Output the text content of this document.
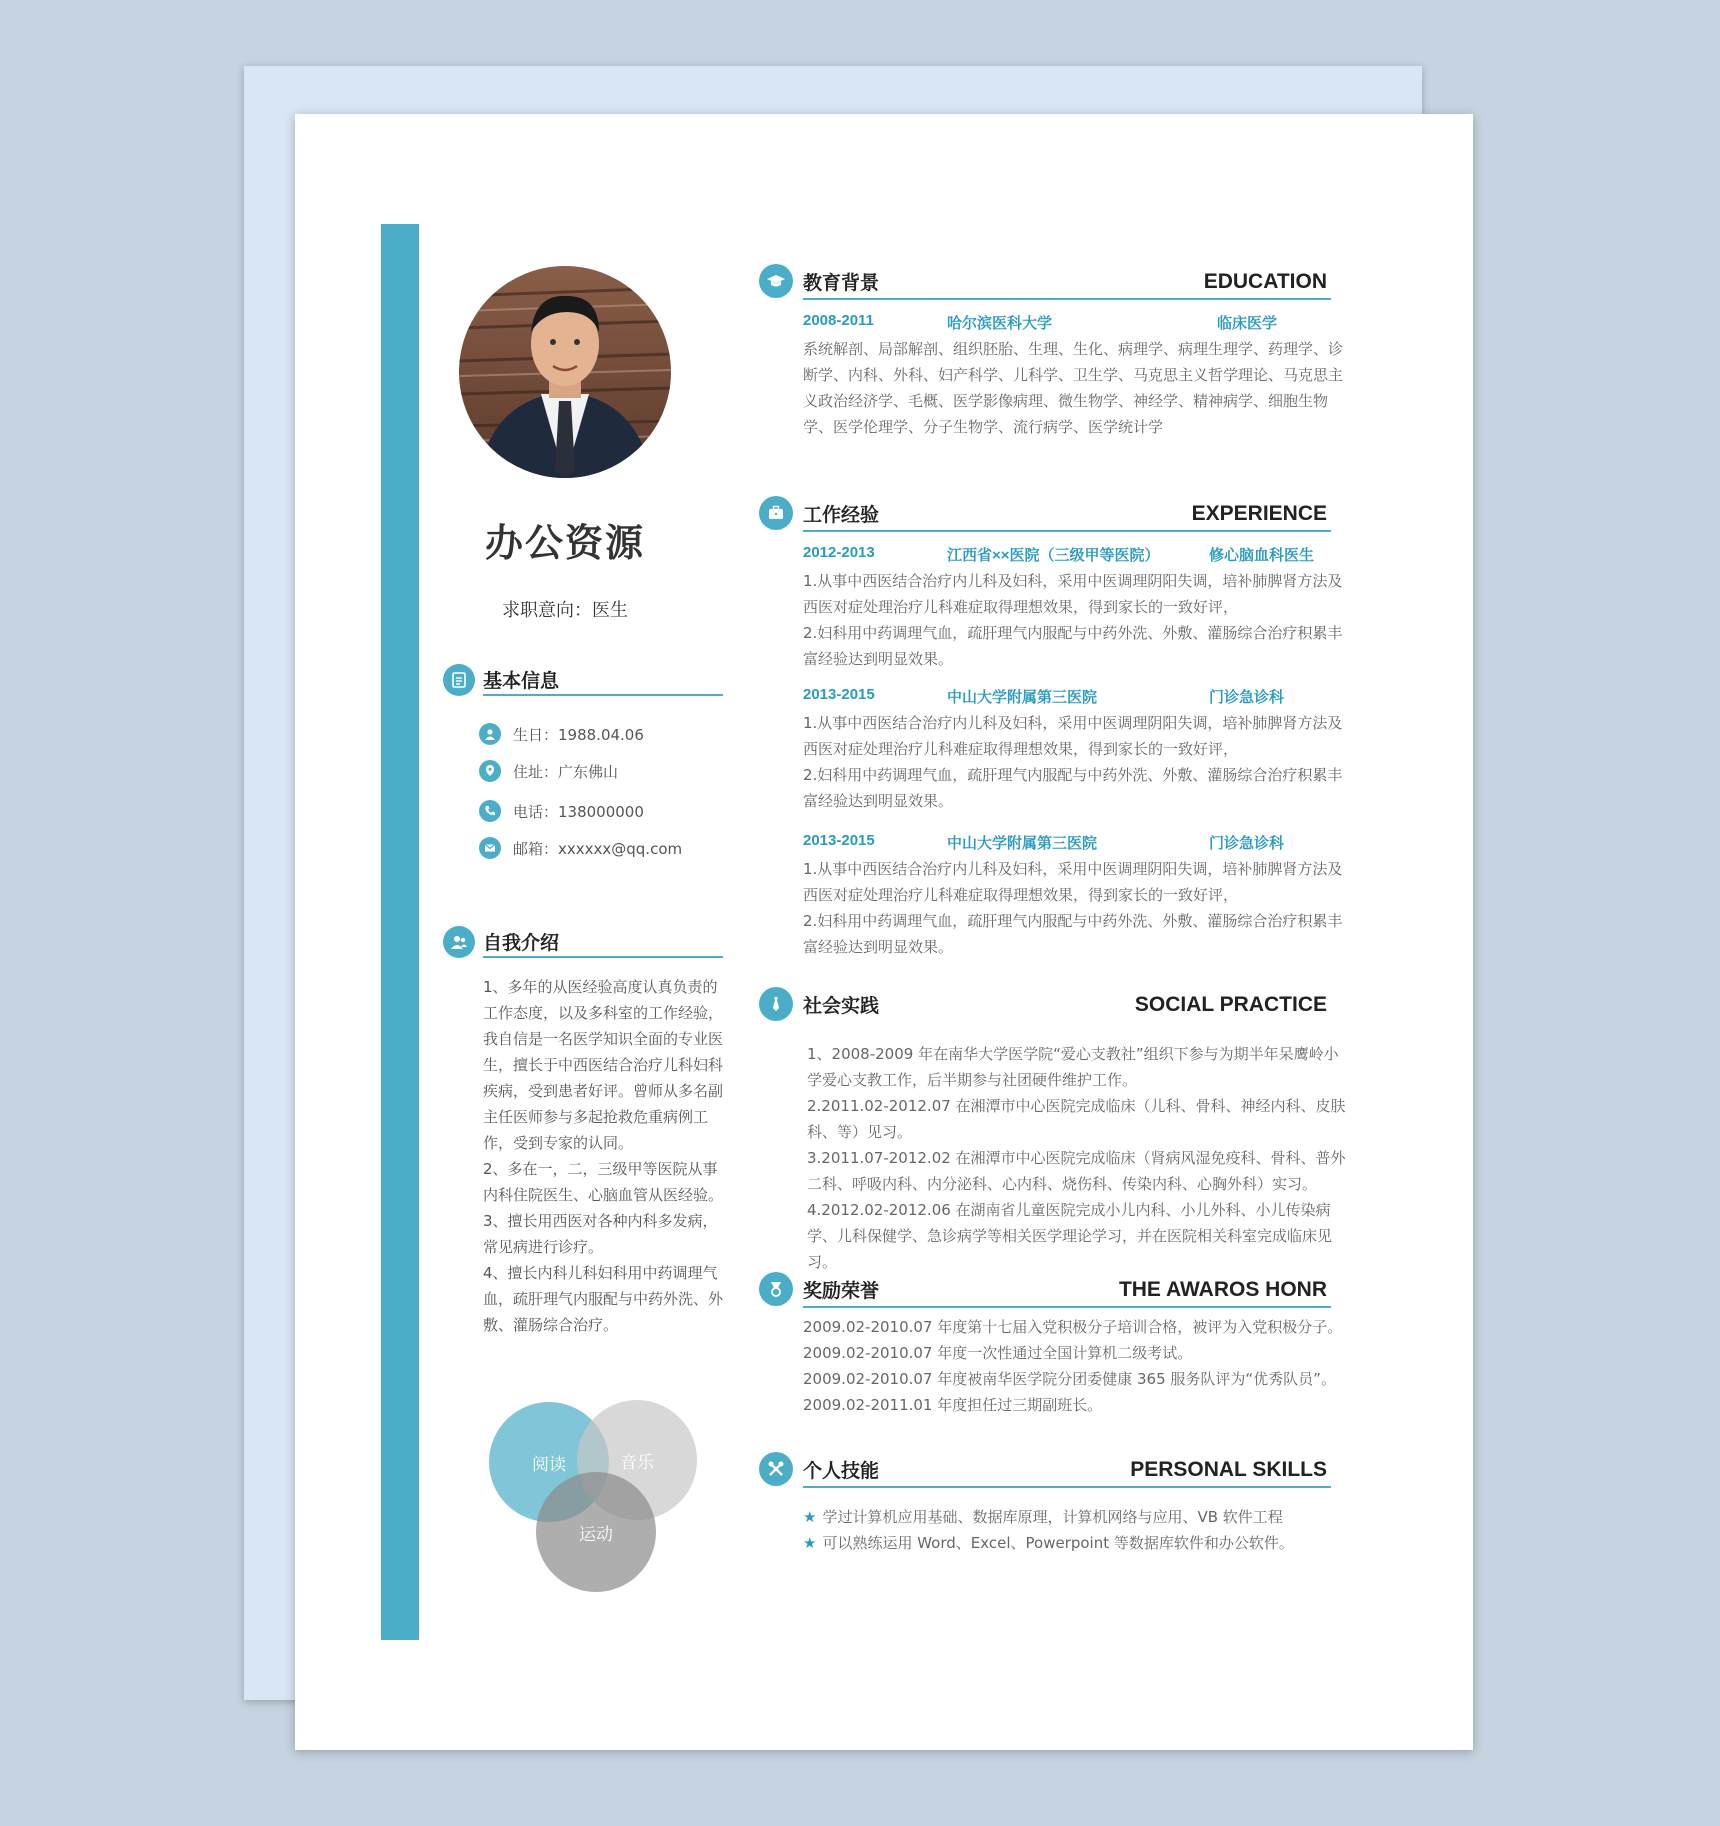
办公资源
求职意向：医生
基本信息
生日：1988.04.06
住址：广东佛山
电话：138000000
邮箱：xxxxxx@qq.com
自我介绍

1、多年的从医经验高度认真负责的工作态度，以及多科室的工作经验，我自信是一名医学知识全面的专业医生，擅长于中西医结合治疗儿科妇科疾病，受到患者好评。曾师从多名副主任医师参与多起抢救危重病例工作，受到专家的认同。

2、多在一，二，三级甲等医院从事内科住院医生、心脑血管从医经验。

3、擅长用西医对各种内科多发病，常见病进行诊疗。

4、擅长内科儿科妇科用中药调理气血，疏肝理气内服配与中药外洗、外敷、灌肠综合治疗。

阅读	音乐
运动
教育背景	EDUCATION
2008-2011	哈尔滨医科大学	临床医学
系统解剖、局部解剖、组织胚胎、生理、生化、病理学、病理生理学、药理学、诊断学、内科、外科、妇产科学、儿科学、卫生学、马克思主义哲学理论、马克思主义政治经济学、毛概、医学影像病理、微生物学、神经学、精神病学、细胞生物学、医学伦理学、分子生物学、流行病学、医学统计学
工作经验	EXPERIENCE
2012-2013	江西省××医院（三级甲等医院）	修心脑血科医生

1.从事中西医结合治疗内儿科及妇科，采用中医调理阴阳失调，培补肺脾肾方法及西医对症处理治疗儿科难症取得理想效果，得到家长的一致好评，

2.妇科用中药调理气血，疏肝理气内服配与中药外洗、外敷、灌肠综合治疗积累丰富经验达到明显效果。

2013-2015	中山大学附属第三医院	门诊急诊科

1.从事中西医结合治疗内儿科及妇科，采用中医调理阴阳失调，培补肺脾肾方法及西医对症处理治疗儿科难症取得理想效果，得到家长的一致好评，

2.妇科用中药调理气血，疏肝理气内服配与中药外洗、外敷、灌肠综合治疗积累丰富经验达到明显效果。

2013-2015	中山大学附属第三医院	门诊急诊科

1.从事中西医结合治疗内儿科及妇科，采用中医调理阴阳失调，培补肺脾肾方法及西医对症处理治疗儿科难症取得理想效果，得到家长的一致好评，

2.妇科用中药调理气血，疏肝理气内服配与中药外洗、外敷、灌肠综合治疗积累丰富经验达到明显效果。

社会实践	SOCIAL PRACTICE

1、2008-2009 年在南华大学医学院“爱心支教社”组织下参与为期半年呆鹰岭小学爱心支教工作，后半期参与社团硬件维护工作。

2.2011.02-2012.07 在湘潭市中心医院完成临床（儿科、骨科、神经内科、皮肤科、等）见习。

3.2011.07-2012.02 在湘潭市中心医院完成临床（肾病风湿免疫科、骨科、普外二科、呼吸内科、内分泌科、心内科、烧伤科、传染内科、心胸外科）实习。

4.2012.02-2012.06 在湖南省儿童医院完成小儿内科、小儿外科、小儿传染病学、儿科保健学、急诊病学等相关医学理论学习，并在医院相关科室完成临床见习。

奖励荣誉	THE AWAROS HONR

2009.02-2010.07 年度第十七届入党积极分子培训合格，被评为入党积极分子。

2009.02-2010.07 年度一次性通过全国计算机二级考试。

2009.02-2010.07 年度被南华医学院分团委健康 365 服务队评为“优秀队员”。

2009.02-2011.01 年度担任过三期副班长。

个人技能	PERSONAL SKILLS
★ 学过计算机应用基础、数据库原理，计算机网络与应用、VB 软件工程
★ 可以熟练运用 Word、Excel、Powerpoint 等数据库软件和办公软件。
